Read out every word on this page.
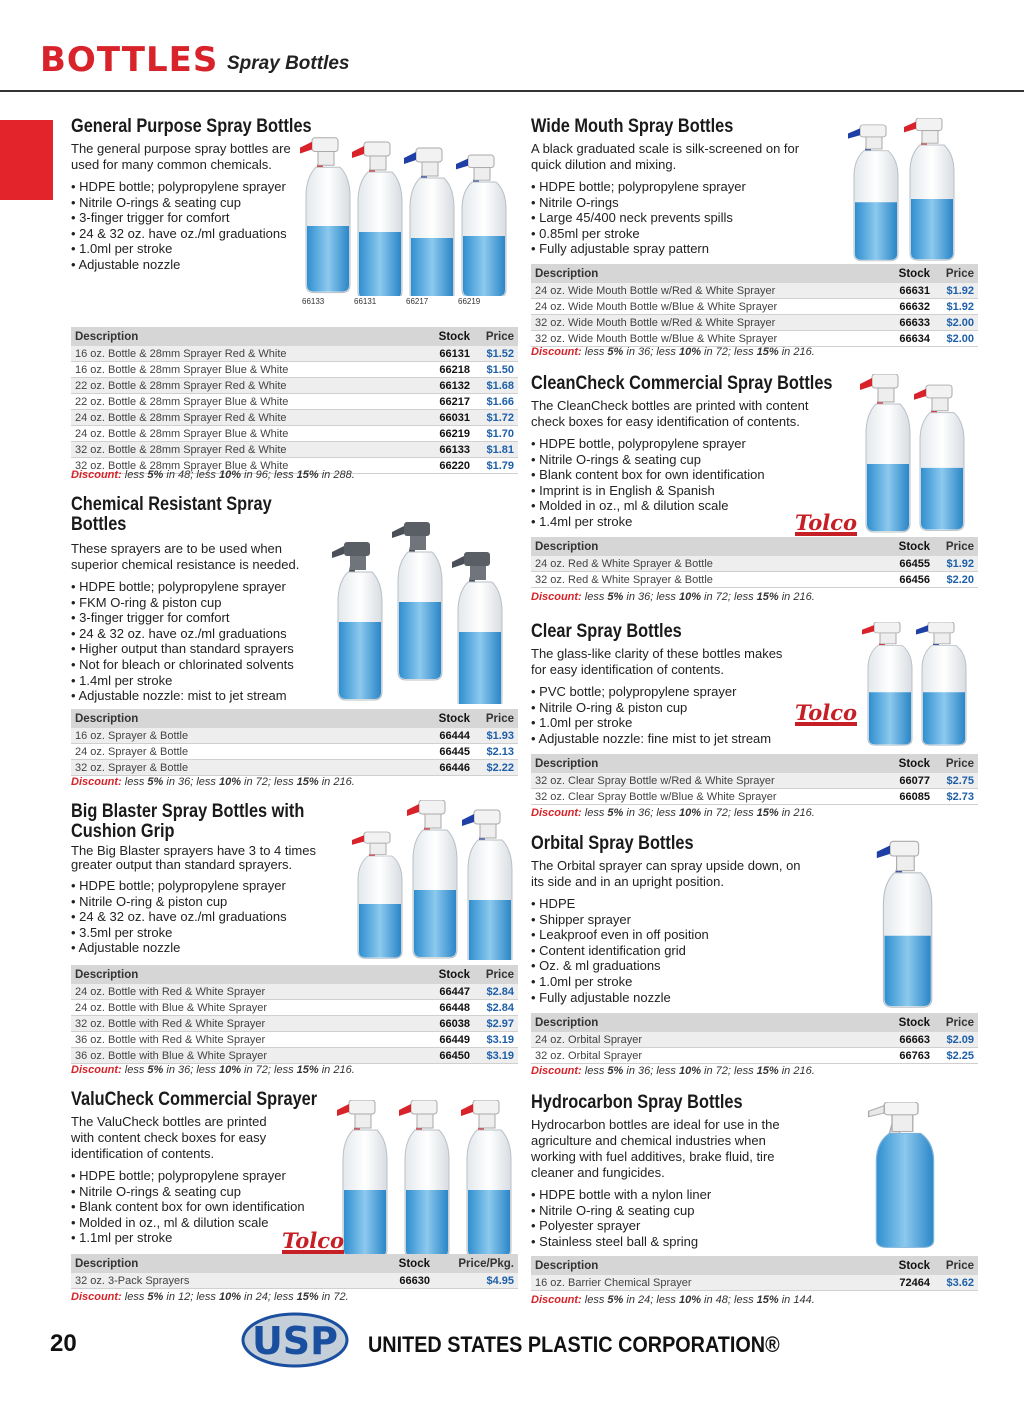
BOTTLES Spray Bottles
General Purpose Spray Bottles
The general purpose spray bottles are used for many common chemicals.
• HDPE bottle; polypropylene sprayer
• Nitrile O-rings & seating cup
• 3-finger trigger for comfort
• 24 & 32 oz. have oz./ml graduations
• 1.0ml per stroke
• Adjustable nozzle
66133	66131	66217	66219
Description	Stock	Price
16 oz. Bottle & 28mm Sprayer Red & White	66131	$1.52
16 oz. Bottle & 28mm Sprayer Blue & White	66218	$1.50
22 oz. Bottle & 28mm Sprayer Red & White	66132	$1.68
22 oz. Bottle & 28mm Sprayer Blue & White	66217	$1.66
24 oz. Bottle & 28mm Sprayer Red & White	66031	$1.72
24 oz. Bottle & 28mm Sprayer Blue & White	66219	$1.70
32 oz. Bottle & 28mm Sprayer Red & White	66133	$1.81
32 oz. Bottle & 28mm Sprayer Blue & White	66220	$1.79
Discount: less 5% in 48; less 10% in 96; less 15% in 288.
Chemical Resistant Spray
Bottles
These sprayers are to be used when superior chemical resistance is needed.
• HDPE bottle; polypropylene sprayer
• FKM O-ring & piston cup
• 3-finger trigger for comfort
• 24 & 32 oz. have oz./ml graduations
• Higher output than standard sprayers
• Not for bleach or chlorinated solvents
• 1.4ml per stroke
• Adjustable nozzle: mist to jet stream
Description	Stock	Price
16 oz. Sprayer & Bottle	66444	$1.93
24 oz. Sprayer & Bottle	66445	$2.13
32 oz. Sprayer & Bottle	66446	$2.22
Discount: less 5% in 36; less 10% in 72; less 15% in 216.
Big Blaster Spray Bottles with
Cushion Grip
The Big Blaster sprayers have 3 to 4 times greater output than standard sprayers.
• HDPE bottle; polypropylene sprayer
• Nitrile O-ring & piston cup
• 24 & 32 oz. have oz./ml graduations
• 3.5ml per stroke
• Adjustable nozzle
Description	Stock	Price
24 oz. Bottle with Red & White Sprayer	66447	$2.84
24 oz. Bottle with Blue & White Sprayer	66448	$2.84
32 oz. Bottle with Red & White Sprayer	66038	$2.97
36 oz. Bottle with Red & White Sprayer	66449	$3.19
36 oz. Bottle with Blue & White Sprayer	66450	$3.19
Discount: less 5% in 36; less 10% in 72; less 15% in 216.
ValuCheck Commercial Sprayer
The ValuCheck bottles are printed with content check boxes for easy identification of contents.
• HDPE bottle; polypropylene sprayer
• Nitrile O-rings & seating cup
• Blank content box for own identification
• Molded in oz., ml & dilution scale
• 1.1ml per stroke	Tolco
Description	Stock	Price/Pkg.
32 oz. 3-Pack Sprayers	66630	$4.95
Discount: less 5% in 12; less 10% in 24; less 15% in 72.
Wide Mouth Spray Bottles
A black graduated scale is silk-screened on for quick dilution and mixing.
• HDPE bottle; polypropylene sprayer
• Nitrile O-rings
• Large 45/400 neck prevents spills
• 0.85ml per stroke
• Fully adjustable spray pattern
Description	Stock	Price
24 oz. Wide Mouth Bottle w/Red & White Sprayer	66631	$1.92
24 oz. Wide Mouth Bottle w/Blue & White Sprayer	66632	$1.92
32 oz. Wide Mouth Bottle w/Red & White Sprayer	66633	$2.00
32 oz. Wide Mouth Bottle w/Blue & White Sprayer	66634	$2.00
Discount: less 5% in 36; less 10% in 72; less 15% in 216.
CleanCheck Commercial Spray Bottles
The CleanCheck bottles are printed with content check boxes for easy identification of contents.
• HDPE bottle, polypropylene sprayer
• Nitrile O-rings & seating cup
• Blank content box for own identification
• Imprint is in English & Spanish
• Molded in oz., ml & dilution scale
• 1.4ml per stroke	Tolco
Description	Stock	Price
24 oz. Red & White Sprayer & Bottle	66455	$1.92
32 oz. Red & White Sprayer & Bottle	66456	$2.20
Discount: less 5% in 36; less 10% in 72; less 15% in 216.
Clear Spray Bottles
The glass-like clarity of these bottles makes for easy identification of contents.
• PVC bottle; polypropylene sprayer
• Nitrile O-ring & piston cup
• 1.0ml per stroke
• Adjustable nozzle: fine mist to jet stream
Tolco
Description	Stock	Price
32 oz. Clear Spray Bottle w/Red & White Sprayer	66077	$2.75
32 oz. Clear Spray Bottle w/Blue & White Sprayer	66085	$2.73
Discount: less 5% in 36; less 10% in 72; less 15% in 216.
Orbital Spray Bottles
The Orbital sprayer can spray upside down, on its side and in an upright position.
• HDPE
• Shipper sprayer
• Leakproof even in off position
• Content identification grid
• Oz. & ml graduations
• 1.0ml per stroke
• Fully adjustable nozzle
Description	Stock	Price
24 oz. Orbital Sprayer	66663	$2.09
32 oz. Orbital Sprayer	66763	$2.25
Discount: less 5% in 36; less 10% in 72; less 15% in 216.
Hydrocarbon Spray Bottles
Hydrocarbon bottles are ideal for use in the agriculture and chemical industries when working with fuel additives, brake fluid, tire cleaner and fungicides.
• HDPE bottle with a nylon liner
• Nitrile O-ring & seating cup
• Polyester sprayer
• Stainless steel ball & spring
Description	Stock	Price
16 oz. Barrier Chemical Sprayer	72464	$3.62
Discount: less 5% in 24; less 10% in 48; less 15% in 144.
20	USP UNITED STATES PLASTIC CORPORATION®
